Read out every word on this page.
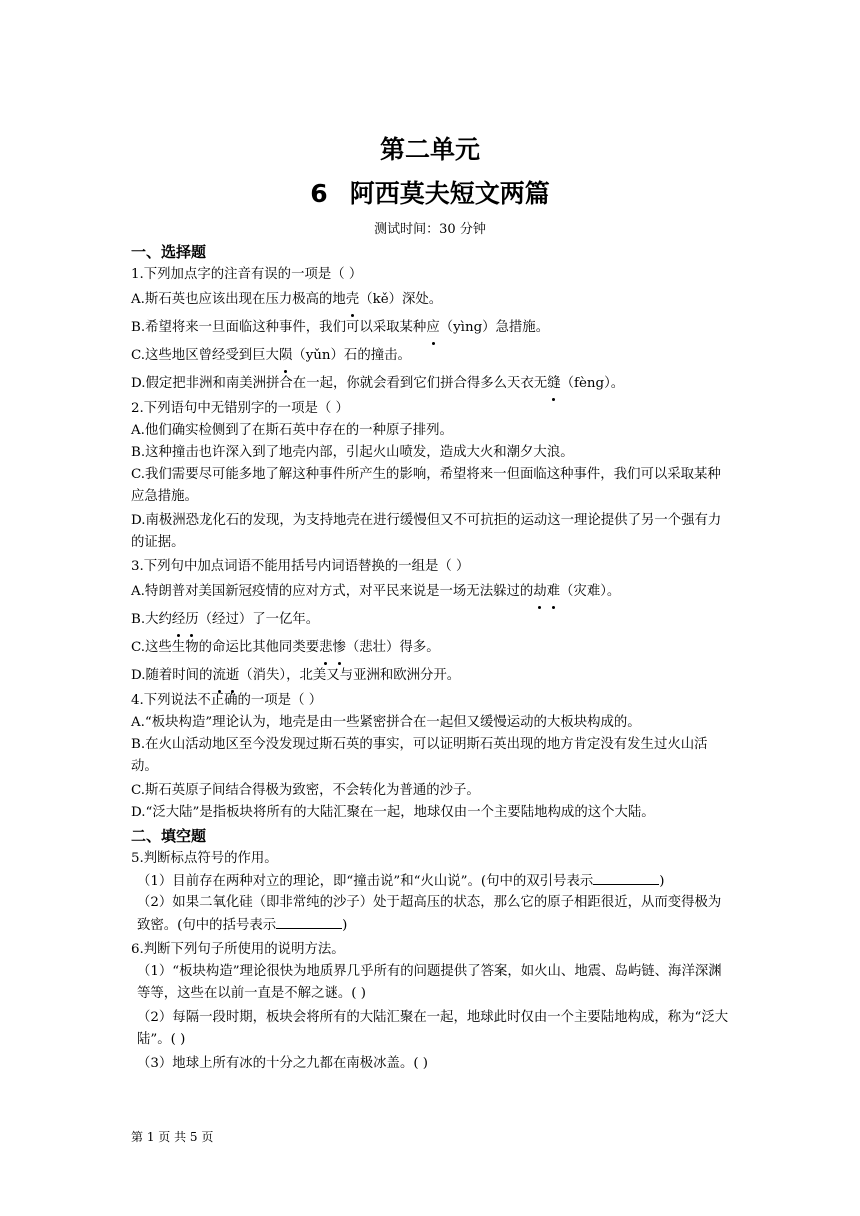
第二单元
6 阿西莫夫短文两篇
测试时间：30 分钟
一、选择题
1.下列加点字的注音有误的一项是（ ）
A.斯石英也应该出现在压力极高的地壳（kě）深处。
B.希望将来一旦面临这种事件，我们可以采取某种应（yìng）急措施。
C.这些地区曾经受到巨大陨（yǔn）石的撞击。
D.假定把非洲和南美洲拼合在一起，你就会看到它们拼合得多么天衣无缝（fèng）。
2.下列语句中无错别字的一项是（ ）
A.他们确实检侧到了在斯石英中存在的一种原子排列。
B.这种撞击也许深入到了地壳内部，引起火山喷发，造成大火和潮夕大浪。
C.我们需要尽可能多地了解这种事件所产生的影响，希望将来一但面临这种事件，我们可以采取某种应急措施。
D.南极洲恐龙化石的发现，为支持地壳在进行缓慢但又不可抗拒的运动这一理论提供了另一个强有力的证据。
3.下列句中加点词语不能用括号内词语替换的一组是（ ）
A.特朗普对美国新冠疫情的应对方式，对平民来说是一场无法躲过的劫难（灾难）。
B.大约经历（经过）了一亿年。
C.这些生物的命运比其他同类要悲惨（悲壮）得多。
D.随着时间的流逝（消失），北美又与亚洲和欧洲分开。
4.下列说法不正确的一项是（ ）
A.“板块构造”理论认为，地壳是由一些紧密拼合在一起但又缓慢运动的大板块构成的。
B.在火山活动地区至今没发现过斯石英的事实，可以证明斯石英出现的地方肯定没有发生过火山活动。
C.斯石英原子间结合得极为致密，不会转化为普通的沙子。
D.“泛大陆”是指板块将所有的大陆汇聚在一起，地球仅由一个主要陆地构成的这个大陆。
二、填空题
5.判断标点符号的作用。
（1）目前存在两种对立的理论，即“撞击说”和“火山说”。(句中的双引号表示	)
（2）如果二氧化硅（即非常纯的沙子）处于超高压的状态，那么它的原子相距很近，从而变得极为致密。(句中的括号表示	)
6.判断下列句子所使用的说明方法。
（1）“板块构造”理论很快为地质界几乎所有的问题提供了答案，如火山、地震、岛屿链、海洋深渊等等，这些在以前一直是不解之谜。( )
（2）每隔一段时期，板块会将所有的大陆汇聚在一起，地球此时仅由一个主要陆地构成，称为“泛大陆”。( )
（3）地球上所有冰的十分之九都在南极冰盖。( )
第 1 页 共 5 页
